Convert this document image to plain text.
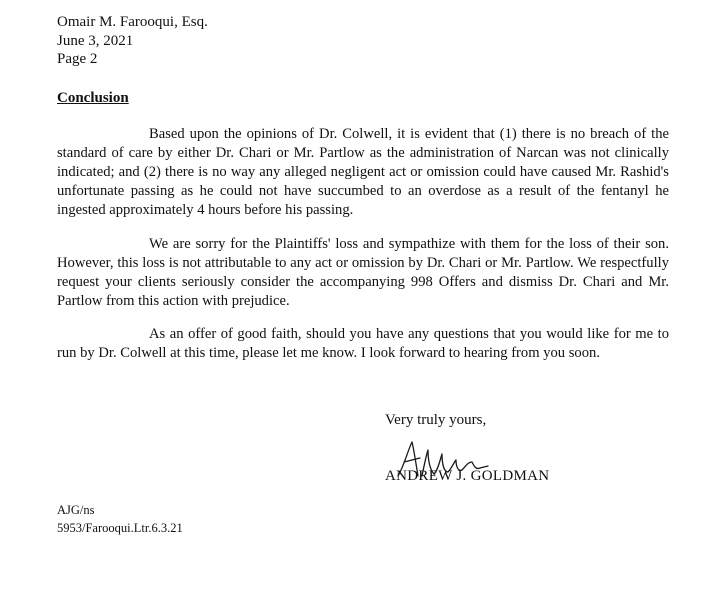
Omair M. Farooqui, Esq.
June 3, 2021
Page 2
Conclusion

Based upon the opinions of Dr. Colwell, it is evident that (1) there is no breach of the standard of care by either Dr. Chari or Mr. Partlow as the administration of Narcan was not clinically indicated; and (2) there is no way any alleged negligent act or omission could have caused Mr. Rashid's unfortunate passing as he could not have succumbed to an overdose as a result of the fentanyl he ingested approximately 4 hours before his passing.

We are sorry for the Plaintiffs' loss and sympathize with them for the loss of their son. However, this loss is not attributable to any act or omission by Dr. Chari or Mr. Partlow. We respectfully request your clients seriously consider the accompanying 998 Offers and dismiss Dr. Chari and Mr. Partlow from this action with prejudice.

As an offer of good faith, should you have any questions that you would like for me to run by Dr. Colwell at this time, please let me know. I look forward to hearing from you soon.

Very truly yours,
ANDREW J. GOLDMAN
AJG/ns
5953/Farooqui.Ltr.6.3.21
